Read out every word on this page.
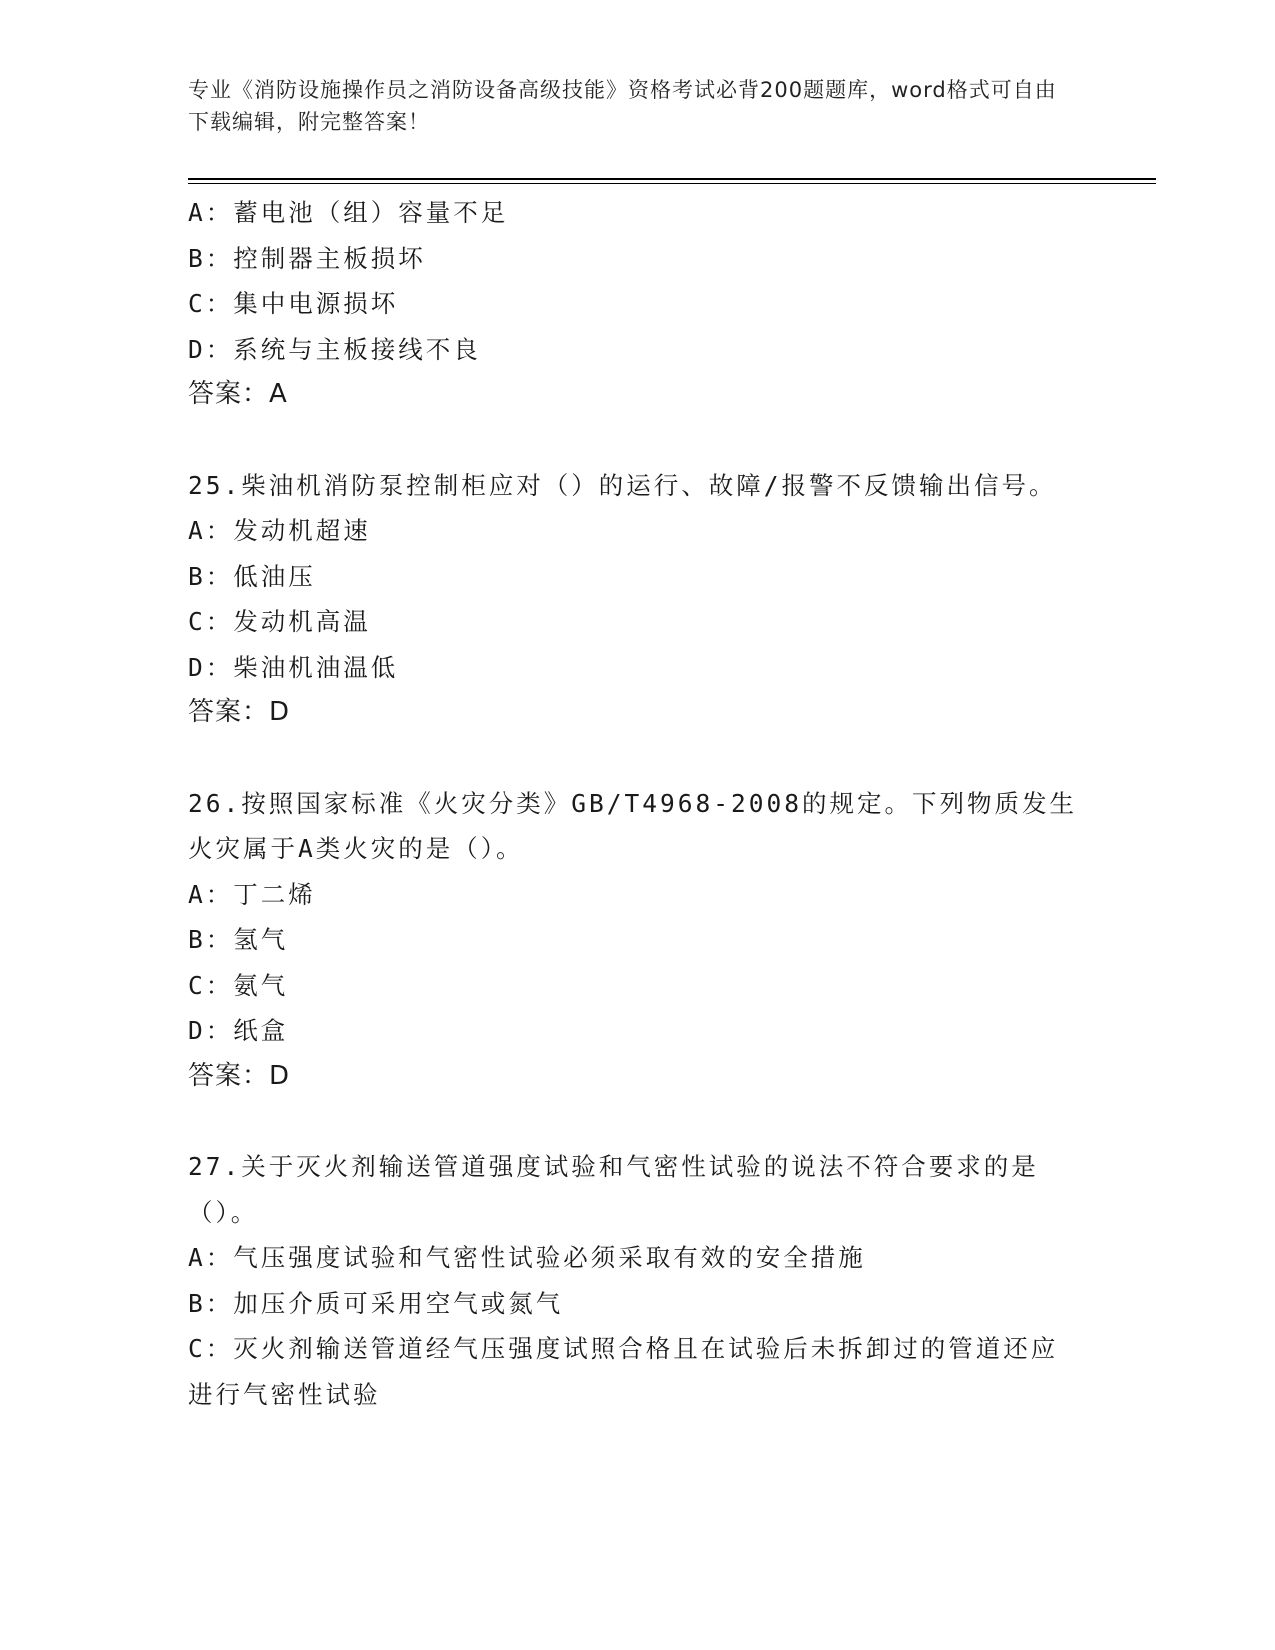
专业《消防设施操作员之消防设备高级技能》资格考试必背200题题库，word格式可自由下载编辑，附完整答案！
A：蓄电池（组）容量不足
B：控制器主板损坏
C：集中电源损坏
D：系统与主板接线不良
答案：A
25.柴油机消防泵控制柜应对（）的运行、故障/报警不反馈输出信号。
A：发动机超速
B：低油压
C：发动机高温
D：柴油机油温低
答案：D
26.按照国家标准《火灾分类》GB/T4968-2008的规定。下列物质发生火灾属于A类火灾的是（）。
A：丁二烯
B：氢气
C：氨气
D：纸盒
答案：D
27.关于灭火剂输送管道强度试验和气密性试验的说法不符合要求的是（）。
A：气压强度试验和气密性试验必须采取有效的安全措施
B：加压介质可采用空气或氮气
C：灭火剂输送管道经气压强度试照合格且在试验后未拆卸过的管道还应进行气密性试验
